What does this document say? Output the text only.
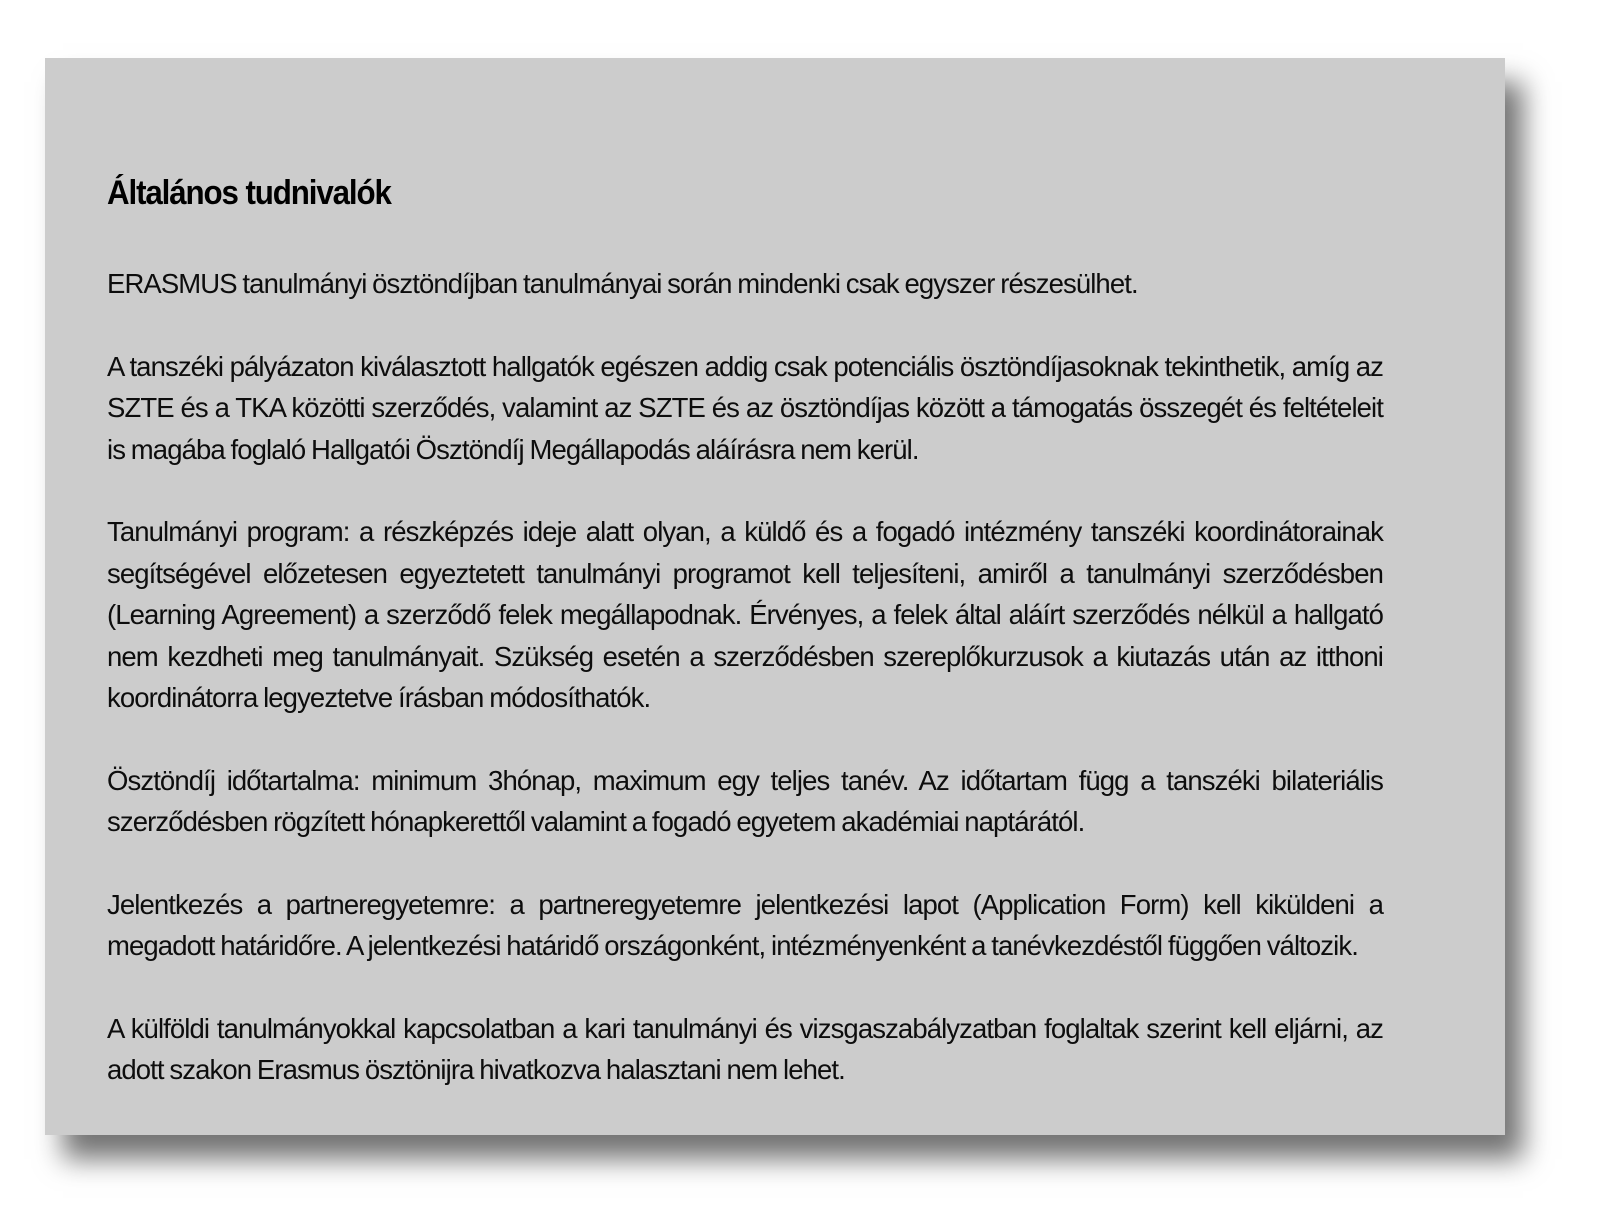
Általános tudnivalók

ERASMUS tanulmányi ösztöndíjban tanulmányai során mindenki csak egyszer részesülhet.

A tanszéki pályázaton kiválasztott hallgatók egészen addig csak potenciális ösztöndíjasoknak tekinthetik, amíg az SZTE és a TKA közötti szerződés, valamint az SZTE és az ösztöndíjas között a támogatás összegét és feltételeit is magába foglaló Hallgatói Ösztöndíj Megállapodás aláírásra nem kerül.

Tanulmányi program: a részképzés ideje alatt olyan, a küldő és a fogadó intézmény tanszéki koordinátorainak segítségével előzetesen egyeztetett tanulmányi programot kell teljesíteni, amiről a tanulmányi szerződésben (Learning Agreement) a szerződő felek megállapodnak. Érvényes, a felek által aláírt szerződés nélkül a hallgató nem kezdheti meg tanulmányait. Szükség esetén a szerződésben szereplőkurzusok a kiutazás után az itthoni koordinátorra legyeztetve írásban módosíthatók.

Ösztöndíj időtartalma: minimum 3hónap, maximum egy teljes tanév. Az időtartam függ a tanszéki bilateriális szerződésben rögzített hónapkerettől valamint a fogadó egyetem akadémiai naptárától.

Jelentkezés a partneregyetemre: a partneregyetemre jelentkezési lapot (Application Form) kell kiküldeni a megadott határidőre. A jelentkezési határidő országonként, intézményenként a tanévkezdéstől függően változik.

A külföldi tanulmányokkal kapcsolatban a kari tanulmányi és vizsgaszabályzatban foglaltak szerint kell eljárni, az adott szakon Erasmus ösztönijra hivatkozva halasztani nem lehet.
